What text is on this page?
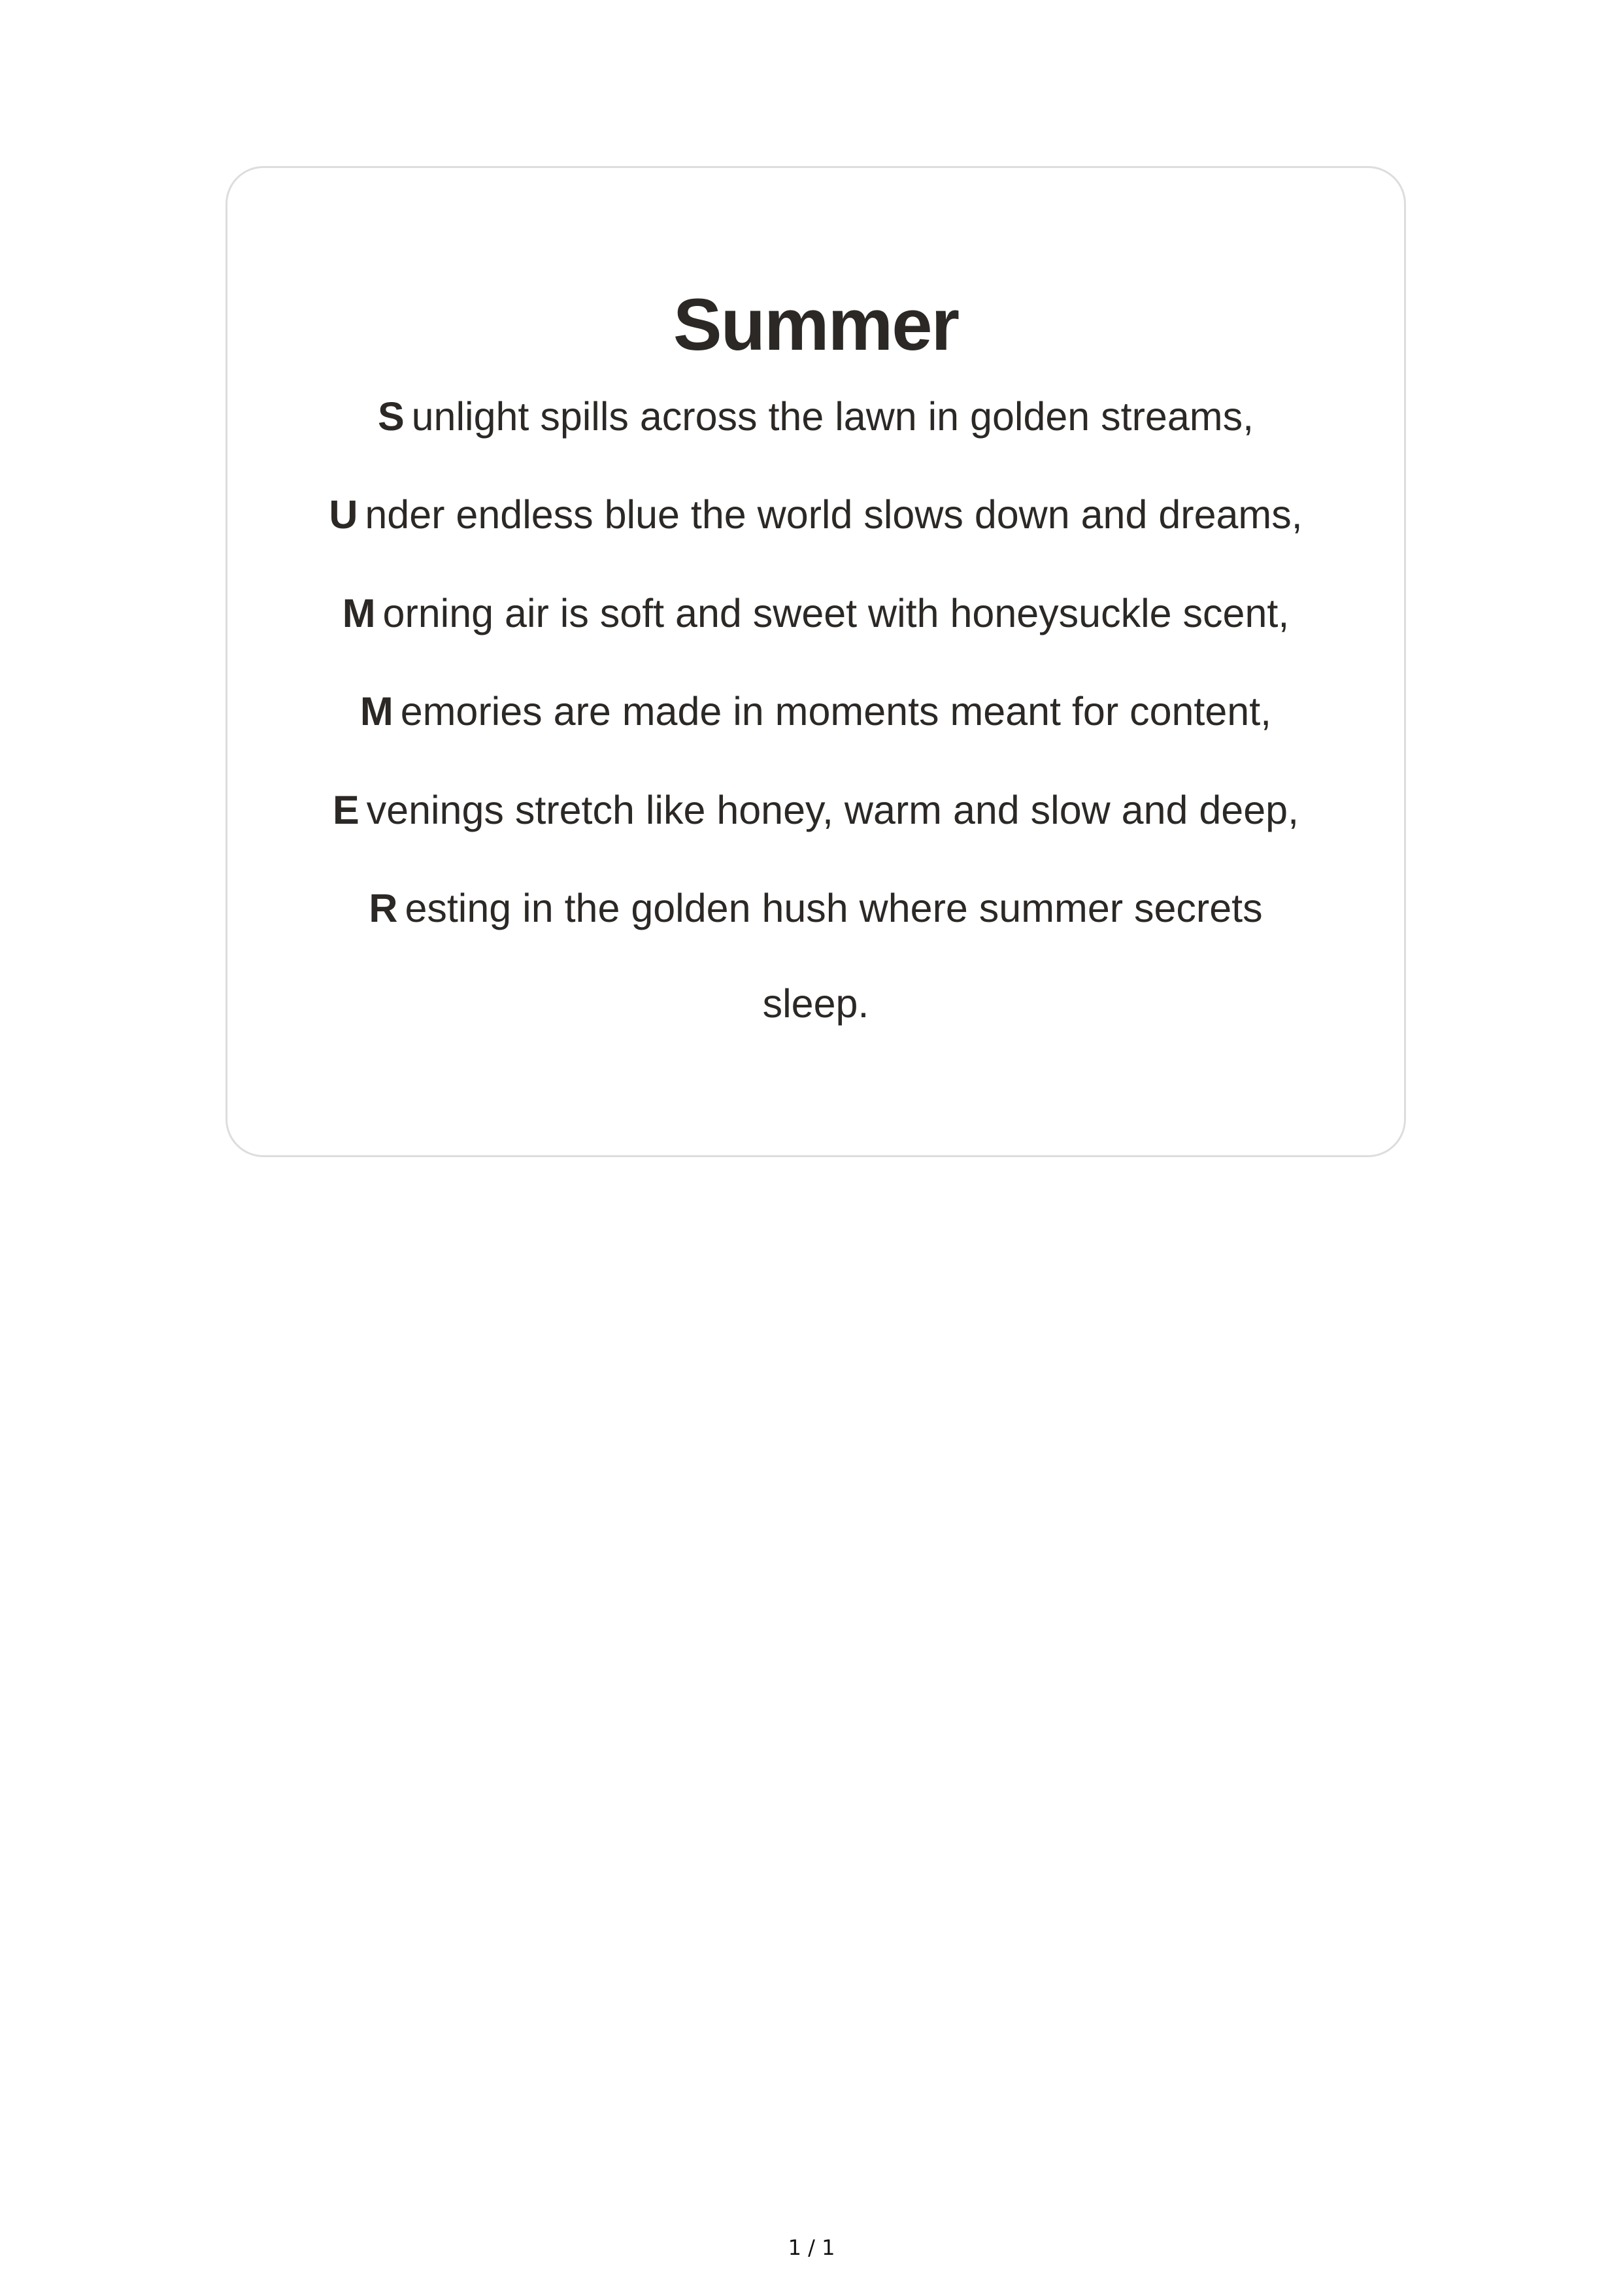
Summer
S unlight spills across the lawn in golden streams,
U nder endless blue the world slows down and dreams,
M orning air is soft and sweet with honeysuckle scent,
M emories are made in moments meant for content,
E venings stretch like honey, warm and slow and deep,
R esting in the golden hush where summer secrets
sleep.
1 / 1
